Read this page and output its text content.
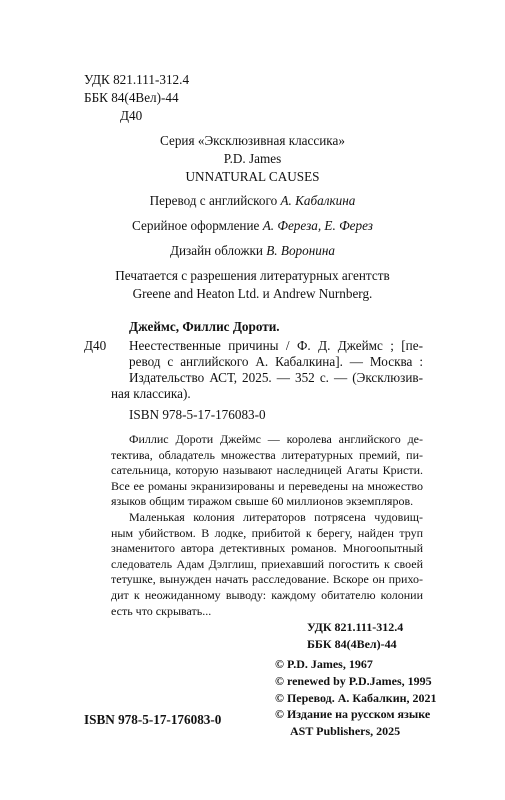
УДК 821.111-312.4
ББК 84(4Вел)-44
Д40
Серия «Эксклюзивная классика»
P.D. James
UNNATURAL CAUSES
Перевод с английского А. Кабалкина
Серийное оформление А. Фереза, Е. Ферез
Дизайн обложки В. Воронина
Печатается с разрешения литературных агентств
Greene and Heaton Ltd. и Andrew Nurnberg.
Джеймс, Филлис Дороти.
Д40 Неестественные причины / Ф. Д. Джеймс ; [пе-
ревод с английского А. Кабалкина]. — Москва :
Издательство АСТ, 2025. — 352 с. — (Эксклюзив-
ная классика).
ISBN 978-5-17-176083-0
Филлис Дороти Джеймс — королева английского де-
тектива, обладатель множества литературных премий, пи-
сательница, которую называют наследницей Агаты Кристи.
Все ее романы экранизированы и переведены на множество
языков общим тиражом свыше 60 миллионов экземпляров.
Маленькая колония литераторов потрясена чудовищ-
ным убийством. В лодке, прибитой к берегу, найден труп
знаменитого автора детективных романов. Многоопытный
следователь Адам Дэлглиш, приехавший погостить к своей
тетушке, вынужден начать расследование. Вскоре он прихо-
дит к неожиданному выводу: каждому обитателю колонии
есть что скрывать...
УДК 821.111-312.4
ББК 84(4Вел)-44
© P.D. James, 1967
© renewed by P.D.James, 1995
© Перевод. А. Кабалкин, 2021
© Издание на русском языке
AST Publishers, 2025
ISBN 978-5-17-176083-0
